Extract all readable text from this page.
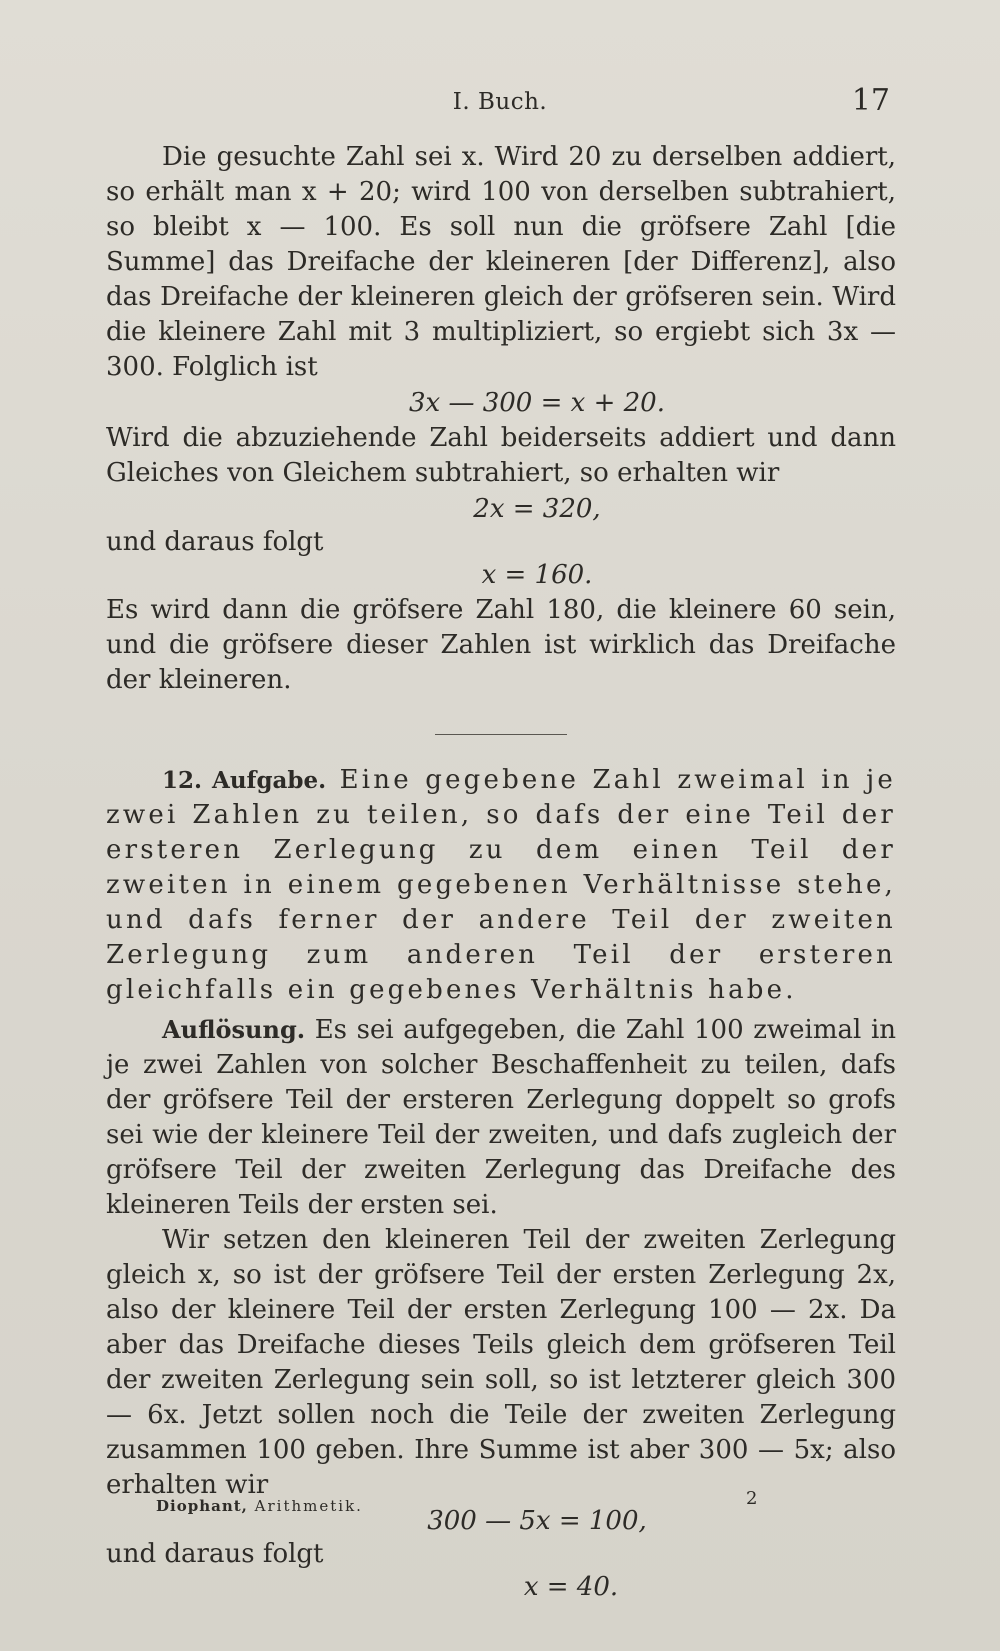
I. Buch.	17

Die gesuchte Zahl sei x. Wird 20 zu derselben addiert, so erhält man x + 20; wird 100 von derselben subtrahiert, so bleibt x — 100. Es soll nun die gröfsere Zahl [die Summe] das Dreifache der kleineren [der Differenz], also das Dreifache der kleineren gleich der gröfseren sein. Wird die kleinere Zahl mit 3 multipliziert, so ergiebt sich 3x — 300. Folglich ist

3x — 300 = x + 20.

Wird die abzuziehende Zahl beiderseits addiert und dann Gleiches von Gleichem subtrahiert, so erhalten wir

2x = 320,

und daraus folgt

x = 160.

Es wird dann die gröfsere Zahl 180, die kleinere 60 sein, und die gröfsere dieser Zahlen ist wirklich das Dreifache der kleineren.

12. Aufgabe. Eine gegebene Zahl zweimal in je zwei Zahlen zu teilen, so dafs der eine Teil der ersteren Zerlegung zu dem einen Teil der zweiten in einem gegebenen Verhältnisse stehe, und dafs ferner der andere Teil der zweiten Zerlegung zum anderen Teil der ersteren gleichfalls ein gegebenes Verhältnis habe.

Auflösung. Es sei aufgegeben, die Zahl 100 zweimal in je zwei Zahlen von solcher Beschaffenheit zu teilen, dafs der gröfsere Teil der ersteren Zerlegung doppelt so grofs sei wie der kleinere Teil der zweiten, und dafs zugleich der gröfsere Teil der zweiten Zerlegung das Dreifache des kleineren Teils der ersten sei.

Wir setzen den kleineren Teil der zweiten Zerlegung gleich x, so ist der gröfsere Teil der ersten Zerlegung 2x, also der kleinere Teil der ersten Zerlegung 100 — 2x. Da aber das Dreifache dieses Teils gleich dem gröfseren Teil der zweiten Zerlegung sein soll, so ist letzterer gleich 300 — 6x. Jetzt sollen noch die Teile der zweiten Zerlegung zusammen 100 geben. Ihre Summe ist aber 300 — 5x; also erhalten wir

300 — 5x = 100,

und daraus folgt

x = 40.
Diophant, Arithmetik.	2
